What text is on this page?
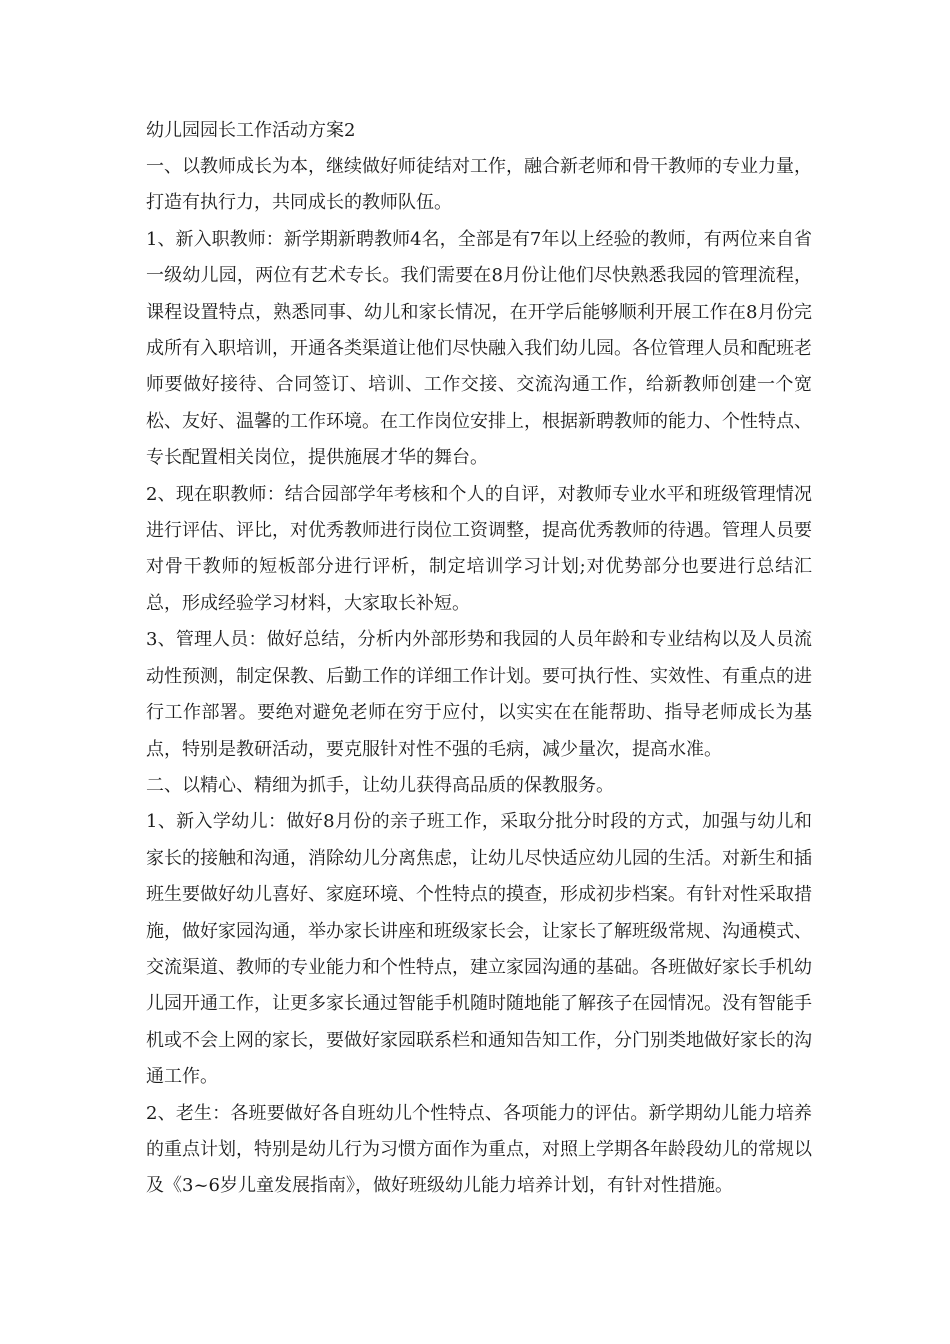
幼儿园园长工作活动方案2

一、以教师成长为本，继续做好师徒结对工作，融合新老师和骨干教师的专业力量，打造有执行力，共同成长的教师队伍。

1、新入职教师：新学期新聘教师4名，全部是有7年以上经验的教师，有两位来自省一级幼儿园，两位有艺术专长。我们需要在8月份让他们尽快熟悉我园的管理流程，课程设置特点，熟悉同事、幼儿和家长情况，在开学后能够顺利开展工作在8月份完成所有入职培训，开通各类渠道让他们尽快融入我们幼儿园。各位管理人员和配班老师要做好接待、合同签订、培训、工作交接、交流沟通工作，给新教师创建一个宽松、友好、温馨的工作环境。在工作岗位安排上，根据新聘教师的能力、个性特点、专长配置相关岗位，提供施展才华的舞台。

2、现在职教师：结合园部学年考核和个人的自评，对教师专业水平和班级管理情况进行评估、评比，对优秀教师进行岗位工资调整，提高优秀教师的待遇。管理人员要对骨干教师的短板部分进行评析，制定培训学习计划;对优势部分也要进行总结汇总，形成经验学习材料，大家取长补短。

3、管理人员：做好总结，分析内外部形势和我园的人员年龄和专业结构以及人员流动性预测，制定保教、后勤工作的详细工作计划。要可执行性、实效性、有重点的进行工作部署。要绝对避免老师在穷于应付，以实实在在能帮助、指导老师成长为基点，特别是教研活动，要克服针对性不强的毛病，减少量次，提高水准。

二、以精心、精细为抓手，让幼儿获得高品质的保教服务。

1、新入学幼儿：做好8月份的亲子班工作，采取分批分时段的方式，加强与幼儿和家长的接触和沟通，消除幼儿分离焦虑，让幼儿尽快适应幼儿园的生活。对新生和插班生要做好幼儿喜好、家庭环境、个性特点的摸查，形成初步档案。有针对性采取措施，做好家园沟通，举办家长讲座和班级家长会，让家长了解班级常规、沟通模式、交流渠道、教师的专业能力和个性特点，建立家园沟通的基础。各班做好家长手机幼儿园开通工作，让更多家长通过智能手机随时随地能了解孩子在园情况。没有智能手机或不会上网的家长，要做好家园联系栏和通知告知工作，分门别类地做好家长的沟通工作。

2、老生：各班要做好各自班幼儿个性特点、各项能力的评估。新学期幼儿能力培养的重点计划，特别是幼儿行为习惯方面作为重点，对照上学期各年龄段幼儿的常规以及《3~6岁儿童发展指南》，做好班级幼儿能力培养计划，有针对性措施。
